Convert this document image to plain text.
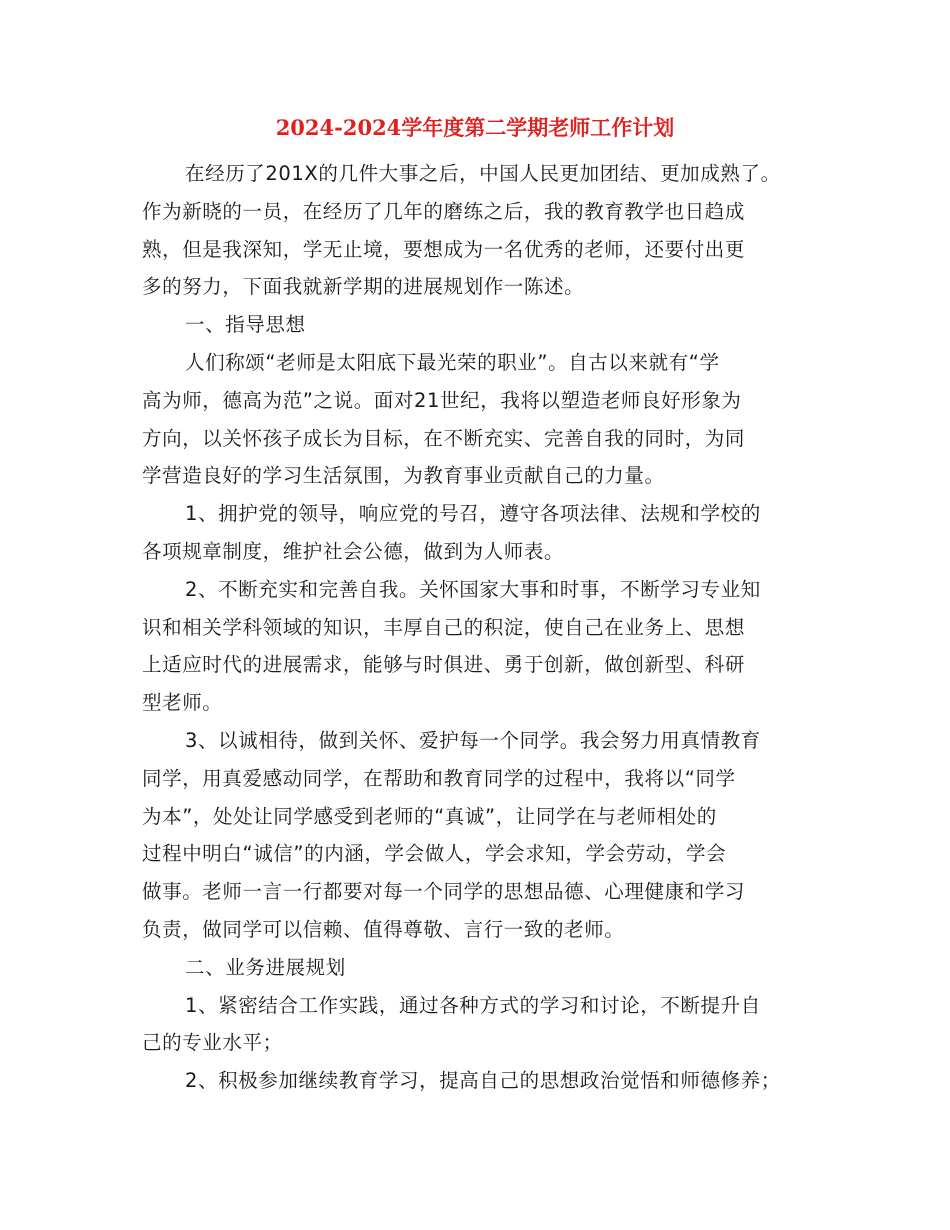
2024-2024学年度第二学期老师工作计划
在经历了201X的几件大事之后，中国人民更加团结、更加成熟了。
作为新晓的一员，在经历了几年的磨练之后，我的教育教学也日趋成
熟，但是我深知，学无止境，要想成为一名优秀的老师，还要付出更
多的努力，下面我就新学期的进展规划作一陈述。
一、指导思想
人们称颂“老师是太阳底下最光荣的职业”。自古以来就有“学
高为师，德高为范”之说。面对21世纪，我将以塑造老师良好形象为
方向，以关怀孩子成长为目标，在不断充实、完善自我的同时，为同
学营造良好的学习生活氛围，为教育事业贡献自己的力量。
1、拥护党的领导，响应党的号召，遵守各项法律、法规和学校的
各项规章制度，维护社会公德，做到为人师表。
2、不断充实和完善自我。关怀国家大事和时事，不断学习专业知
识和相关学科领域的知识，丰厚自己的积淀，使自己在业务上、思想
上适应时代的进展需求，能够与时俱进、勇于创新，做创新型、科研
型老师。
3、以诚相待，做到关怀、爱护每一个同学。我会努力用真情教育
同学，用真爱感动同学，在帮助和教育同学的过程中，我将以“同学
为本”，处处让同学感受到老师的“真诚”，让同学在与老师相处的
过程中明白“诚信”的内涵，学会做人，学会求知，学会劳动，学会
做事。老师一言一行都要对每一个同学的思想品德、心理健康和学习
负责，做同学可以信赖、值得尊敬、言行一致的老师。
二、业务进展规划
1、紧密结合工作实践，通过各种方式的学习和讨论，不断提升自
己的专业水平；
2、积极参加继续教育学习，提高自己的思想政治觉悟和师德修养；
